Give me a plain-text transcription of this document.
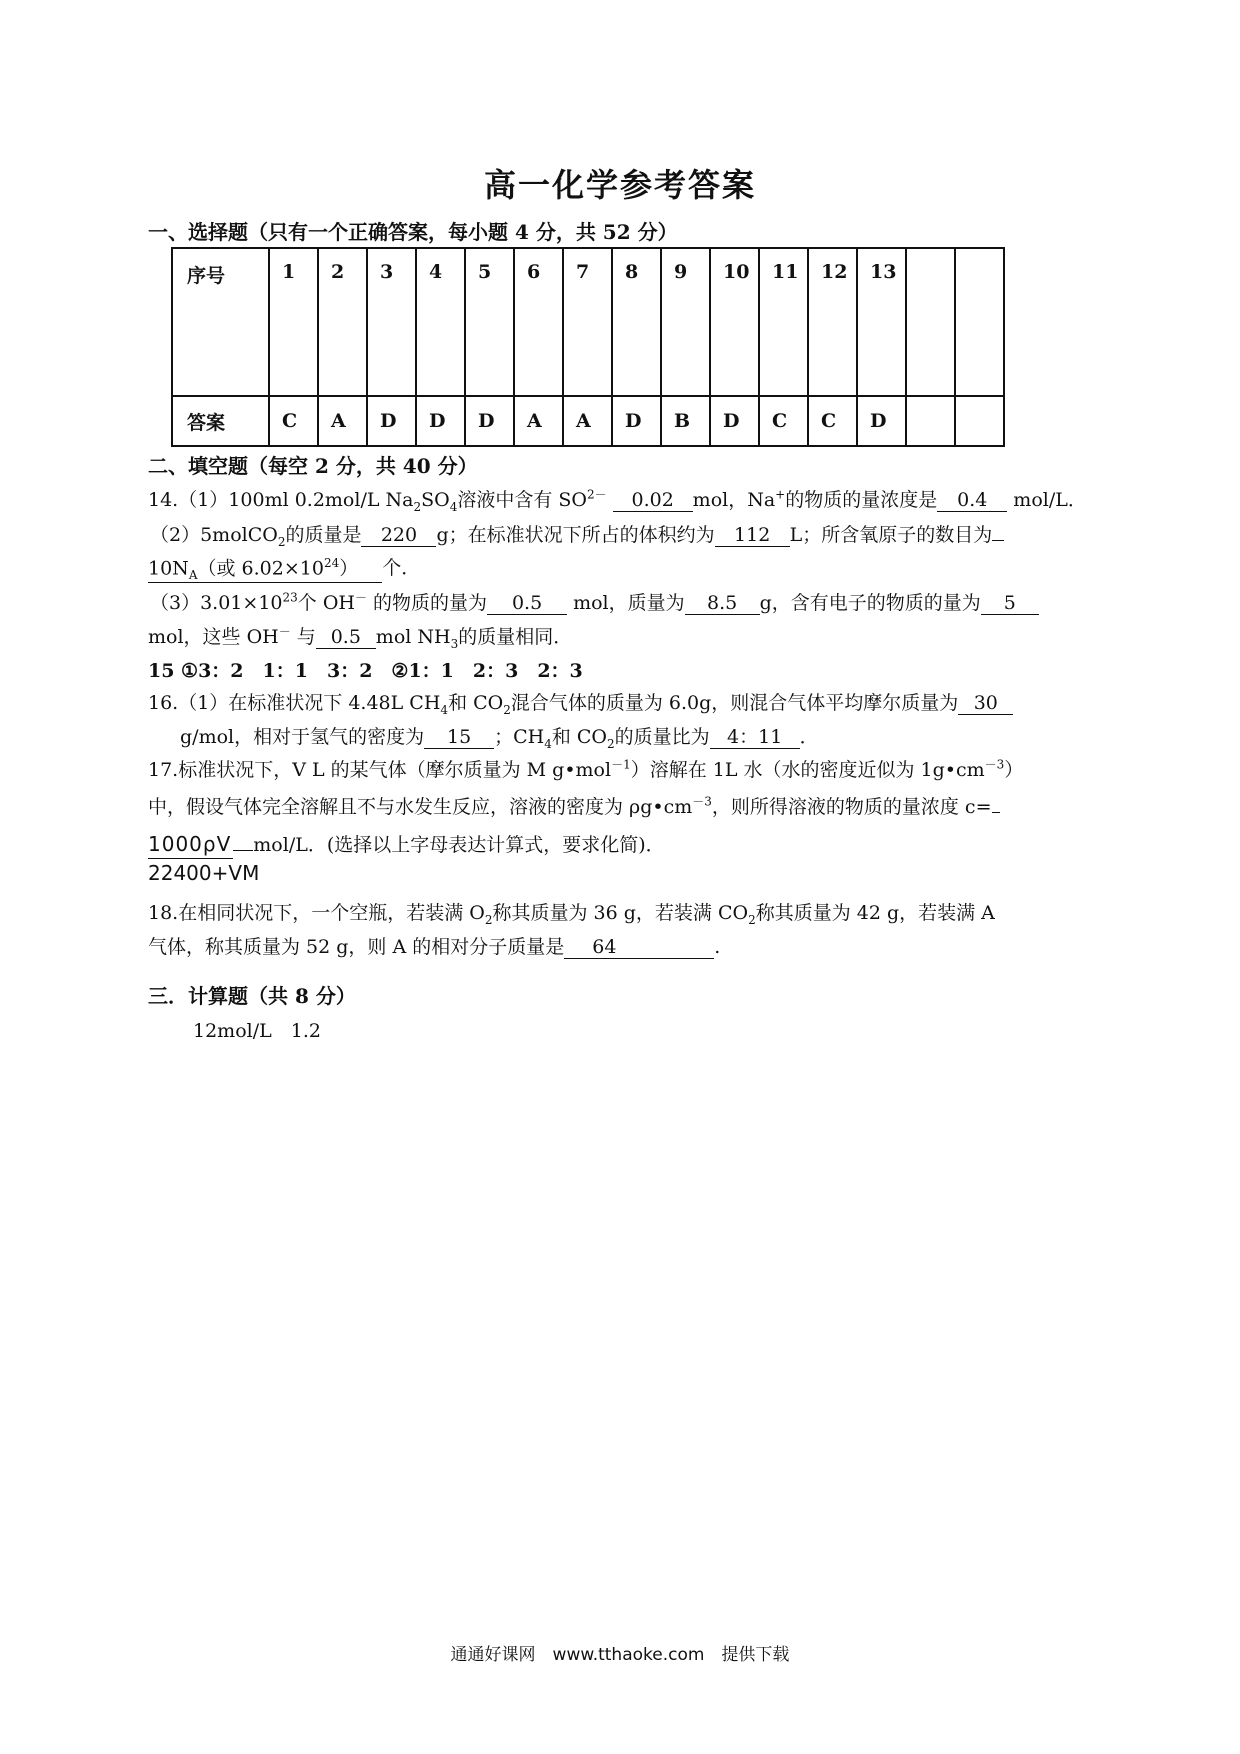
高一化学参考答案
一、选择题（只有一个正确答案，每小题 4 分，共 52 分）
序号	1	2	3	4	5	6	7	8	9	10	11	12	13		
答案	C	A	D	D	D	A	A	D	B	D	C	C	D		
二、填空题（每空 2 分，共 40 分）
14.（1）100ml 0.2mol/L $Na_2SO_4$溶液中含有 $SO^{2-}$ 0.02 mol，Na+的物质的量浓度是 0.4 mol/L．
（2）5molCO$_2$的质量是 220 g；在标准状况下所占的体积约为 112 L；所含氧原子的数目为
$10N_A$（或 $6.02\times 10^{24}$） 个．
$(3)3.01\times 10^{23}$个 OH－ 的物质的量为 0.5 mol，质量为 8.5 g，含有电子的物质的量为 5
mol，这些 OH－ 与 0.5 mol $NH_3$的质量相同．
15 ①3：2　1：1　3：2　②1：1　2：3　2：3
16.（1）在标准状况下 4.48L $CH_4$和 $CO_2$混合气体的质量为 6.0g，则混合气体平均摩尔质量为 30
g/mol，相对于氢气的密度为 15 ；$CH_4$和 $CO_2$的质量比为 4：11 ．
17.标准状况下，V L 的某气体（摩尔质量为 M g•mol$^{-1}$）溶解在 1L 水（水的密度近似为 $1g•cm^{-3}$）
中，假设气体完全溶解且不与水发生反应，溶液的密度为 $\rho g•cm^{-3}$，则所得溶液的物质的量浓度 c=
1000ρV mol/L．(选择以上字母表达计算式，要求化简)．
22400+VM
18.在相同状况下，一个空瓶，若装满 $O_2$称其质量为 36 g，若装满 $CO_2$称其质量为 42 g，若装满 A
气体，称其质量为 52 g，则 A 的相对分子质量是 64	.
三．计算题（共 8 分）
12mol/L　1.2
通通好课网　www.tthaoke.com　提供下载
